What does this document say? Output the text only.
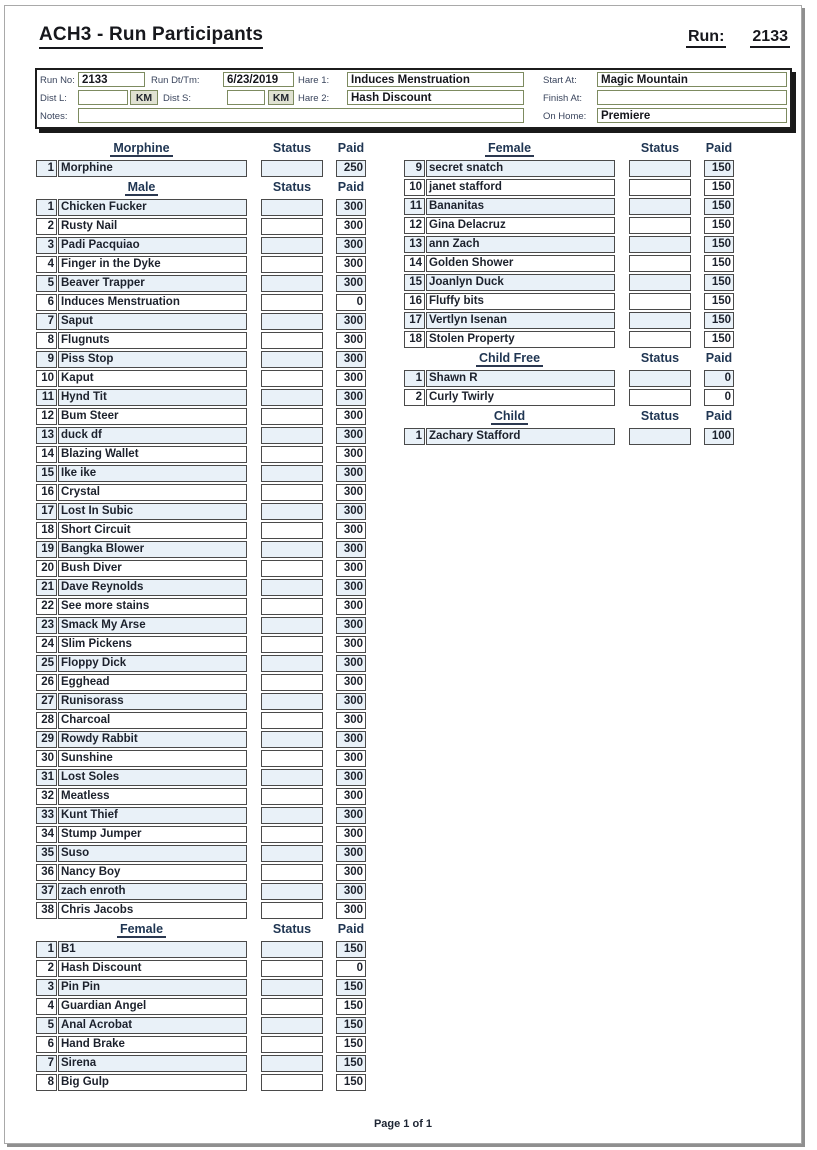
ACH3 - Run Participants	Run: 2133
Run No: 2133	Run Dt/Tm:	6/23/2019	Hare 1:	Induces Menstruation	Start At:	Magic Mountain
Dist L:	KM	Dist S:	KM Hare 2:	Hash Discount	Finish At:
Notes:	On Home:	Premiere
Morphine	Status	Paid
1 Morphine	250
Male	Status	Paid
1 Chicken Fucker	300
2 Rusty Nail	300
3 Padi Pacquiao	300
4 Finger in the Dyke	300
5 Beaver Trapper	300
6 Induces Menstruation	0
7 Saput	300
8 Flugnuts	300
9 Piss Stop	300
10 Kaput	300
11 Hynd Tit	300
12 Bum Steer	300
13 duck df	300
14 Blazing Wallet	300
15 Ike ike	300
16 Crystal	300
17 Lost In Subic	300
18 Short Circuit	300
19 Bangka Blower	300
20 Bush Diver	300
21 Dave Reynolds	300
22 See more stains	300
23 Smack My Arse	300
24 Slim Pickens	300
25 Floppy Dick	300
26 Egghead	300
27 Runisorass	300
28 Charcoal	300
29 Rowdy Rabbit	300
30 Sunshine	300
31 Lost Soles	300
32 Meatless	300
33 Kunt Thief	300
34 Stump Jumper	300
35 Suso	300
36 Nancy Boy	300
37 zach enroth	300
38 Chris Jacobs	300
Female	Status	Paid
1 B1	150
2 Hash Discount	0
3 Pin Pin	150
4 Guardian Angel	150
5 Anal Acrobat	150
6 Hand Brake	150
7 Sirena	150
8 Big Gulp	150
Female	Status	Paid
9 secret snatch	150
10 janet stafford	150
11 Bananitas	150
12 Gina Delacruz	150
13 ann Zach	150
14 Golden Shower	150
15 Joanlyn Duck	150
16 Fluffy bits	150
17 Vertlyn Isenan	150
18 Stolen Property	150
Child Free	Status	Paid
1 Shawn R	0
2 Curly Twirly	0
Child	Status	Paid
1 Zachary Stafford	100
Page 1 of 1
